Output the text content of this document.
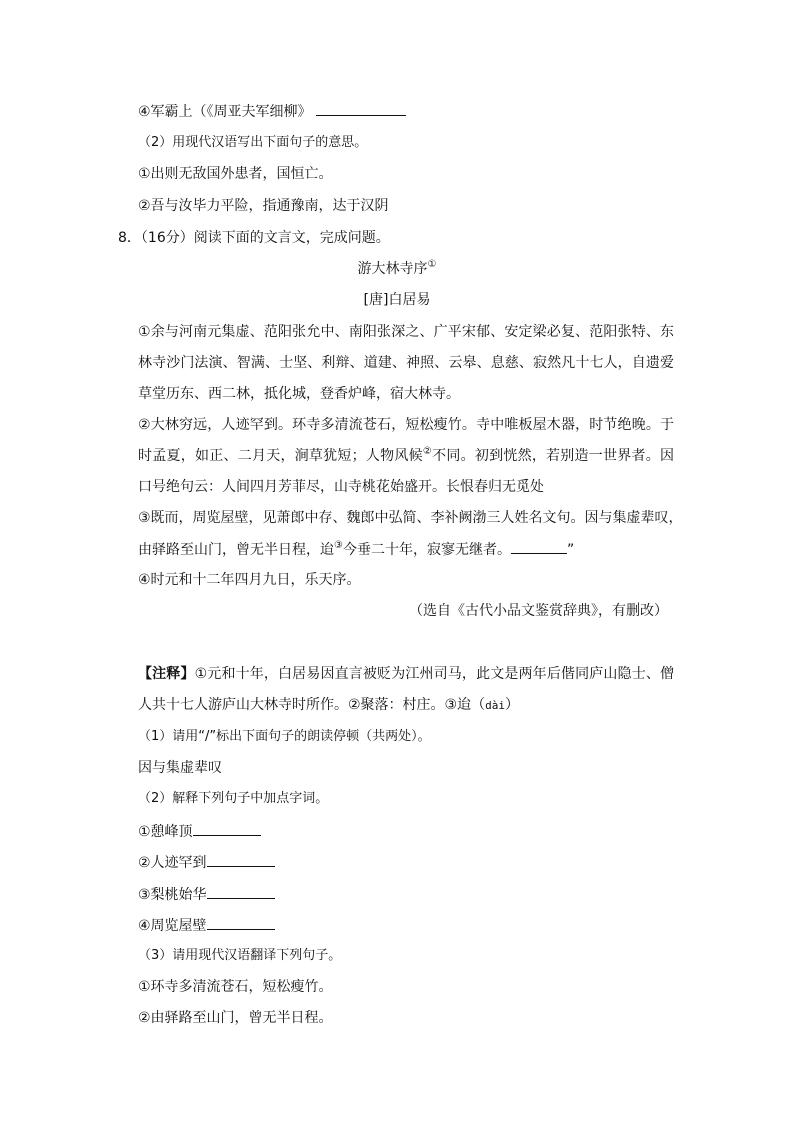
④军霸上（《周亚夫军细柳》
（2）用现代汉语写出下面句子的意思。
①出则无敌国外患者，国恒亡。
②吾与汝毕力平险，指通豫南，达于汉阴
8．（16分）阅读下面的文言文，完成问题。
游大林寺序①
[唐]白居易
①余与河南元集虚、范阳张允中、南阳张深之、广平宋郁、安定梁必复、范阳张特、东
林寺沙门法演、智满、士坚、利辩、道建、神照、云皋、息慈、寂然凡十七人，自遗爱
草堂历东、西二林，抵化城，登香炉峰，宿大林寺。
②大林穷远，人迹罕到。环寺多清流苍石，短松瘦竹。寺中唯板屋木器，时节绝晚。于
时孟夏，如正、二月天，涧草犹短；人物风候②不同。初到恍然，若别造一世界者。因
口号绝句云：人间四月芳菲尽，山寺桃花始盛开。长恨春归无觅处
③既而，周览屋壁，见萧郎中存、魏郎中弘简、李补阙渤三人姓名文句。因与集虚辈叹，
由驿路至山门，曾无半日程，迨③今垂二十年，寂寥无继者。	”
④时元和十二年四月九日，乐天序。
（选自《古代小品文鉴赏辞典》，有删改）
【注释】①元和十年，白居易因直言被贬为江州司马，此文是两年后偕同庐山隐士、僧
人共十七人游庐山大林寺时所作。②聚落：村庄。③迨（dài）
（1）请用“/”标出下面句子的朗读停顿（共两处）。
因与集虚辈叹
（2）解释下列句子中加点字词。
①憩峰顶
②人迹罕到
③梨桃始华
④周览屋壁
（3）请用现代汉语翻译下列句子。
①环寺多清流苍石，短松瘦竹。
②由驿路至山门，曾无半日程。
